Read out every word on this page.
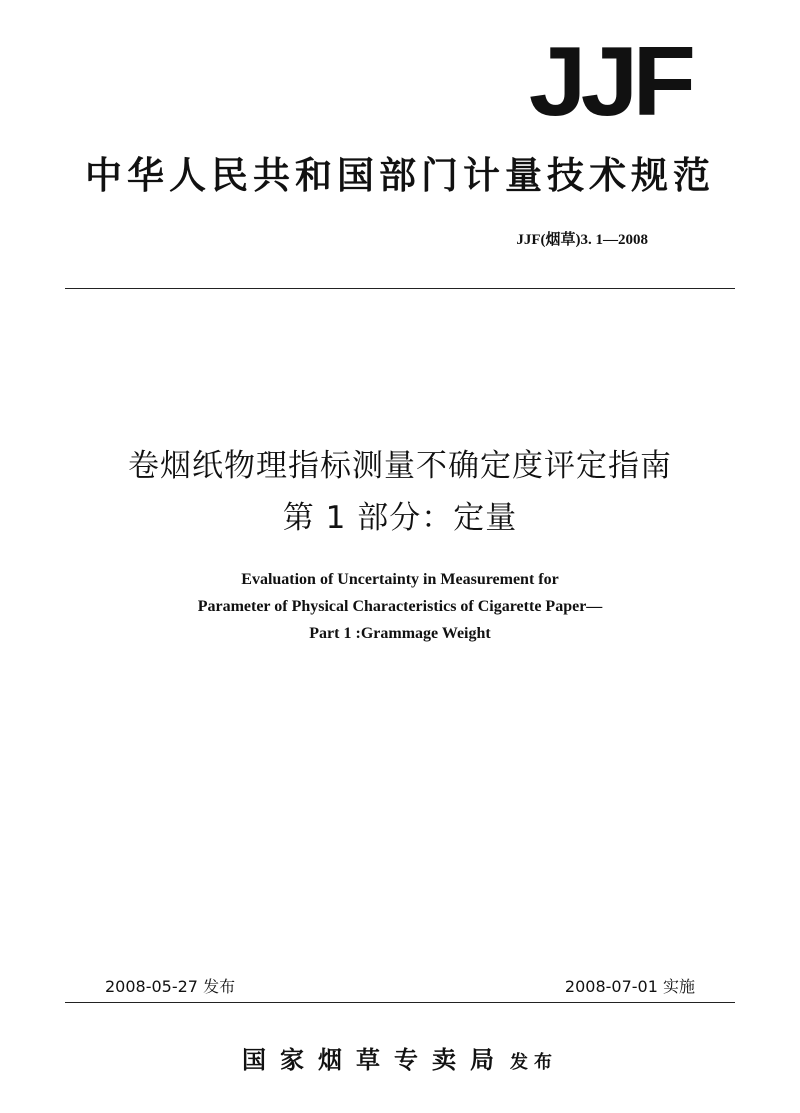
JJF
中华人民共和国部门计量技术规范
JJF(烟草)3. 1—2008
卷烟纸物理指标测量不确定度评定指南
第 1 部分：定量
Evaluation of Uncertainty in Measurement for
Parameter of Physical Characteristics of Cigarette Paper—
Part 1 :Grammage Weight
2008-05-27 发布	2008-07-01 实施
国家烟草专卖局 发布
